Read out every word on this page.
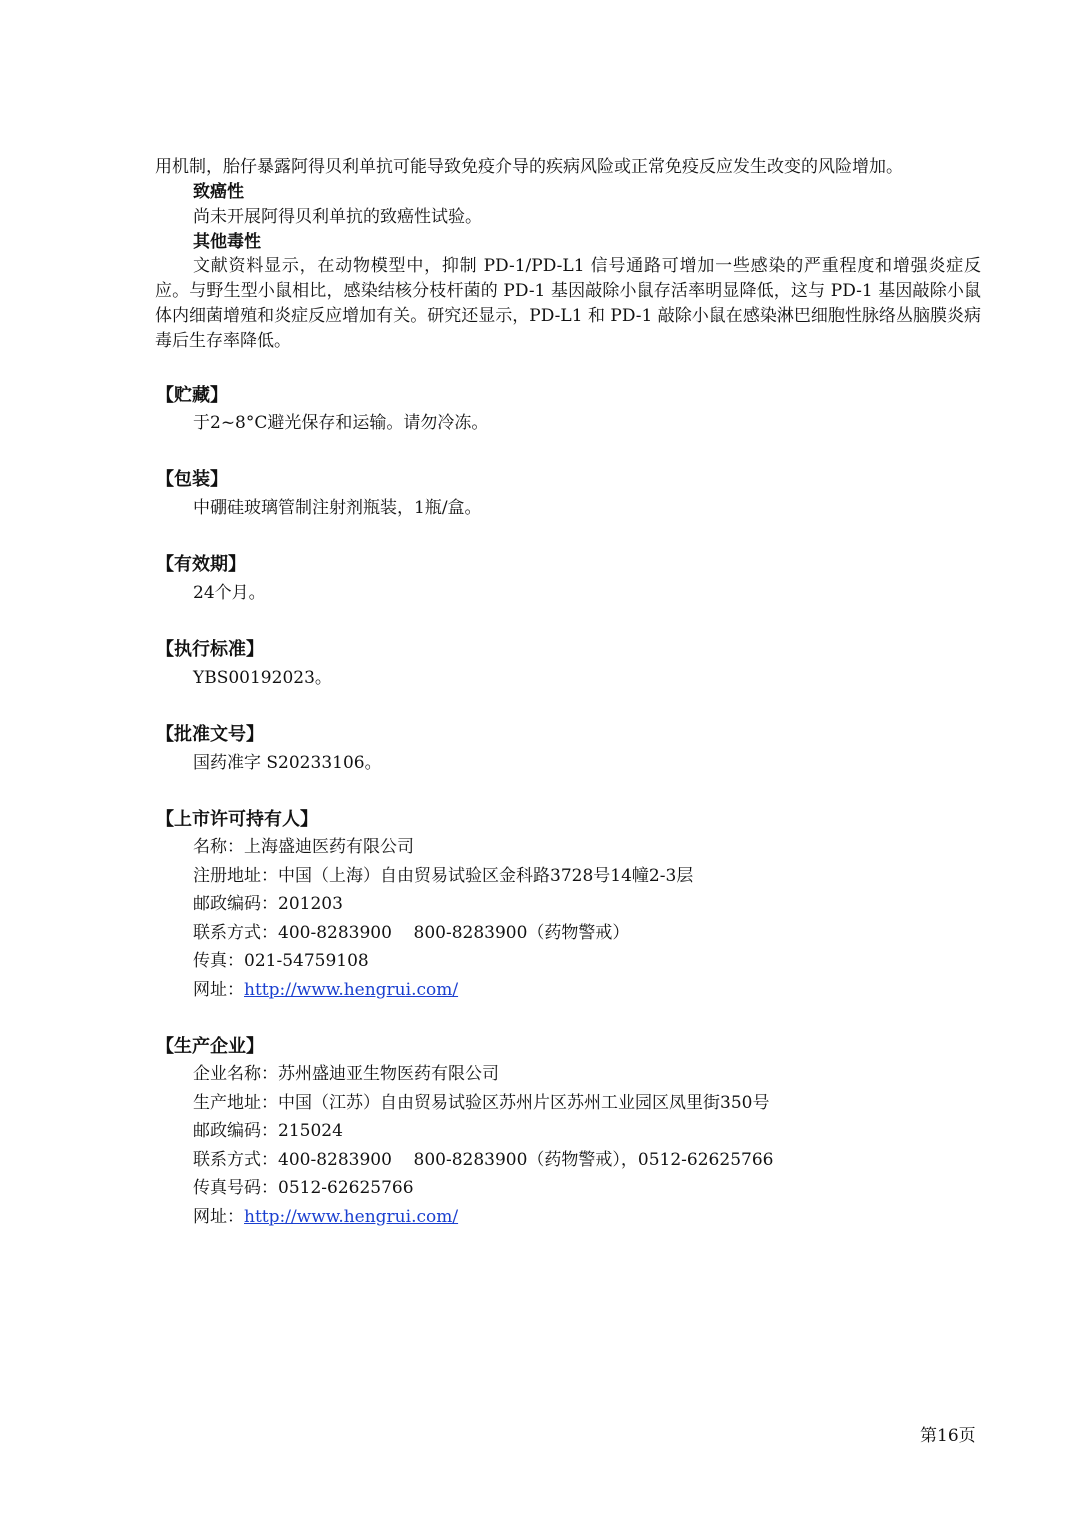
用机制，胎仔暴露阿得贝利单抗可能导致免疫介导的疾病风险或正常免疫反应发生改变的风险增加。

致癌性

尚未开展阿得贝利单抗的致癌性试验。

其他毒性

文献资料显示，在动物模型中，抑制 PD-1/PD-L1 信号通路可增加一些感染的严重程度和增强炎症反应。与野生型小鼠相比，感染结核分枝杆菌的 PD-1 基因敲除小鼠存活率明显降低，这与 PD-1 基因敲除小鼠体内细菌增殖和炎症反应增加有关。研究还显示，PD-L1 和 PD-1 敲除小鼠在感染淋巴细胞性脉络丛脑膜炎病毒后生存率降低。

【贮藏】

于2~8°C避光保存和运输。请勿冷冻。

【包装】

中硼硅玻璃管制注射剂瓶装，1瓶/盒。

【有效期】

24个月。

【执行标准】

YBS00192023。

【批准文号】

国药准字 S20233106。

【上市许可持有人】

名称：上海盛迪医药有限公司

注册地址：中国（上海）自由贸易试验区金科路3728号14幢2-3层

邮政编码：201203

联系方式：400-8283900    800-8283900（药物警戒）

传真：021-54759108

网址：http://www.hengrui.com/

【生产企业】

企业名称：苏州盛迪亚生物医药有限公司

生产地址：中国（江苏）自由贸易试验区苏州片区苏州工业园区凤里街350号

邮政编码：215024

联系方式：400-8283900    800-8283900（药物警戒），0512-62625766

传真号码：0512-62625766

网址：http://www.hengrui.com/

第16页
